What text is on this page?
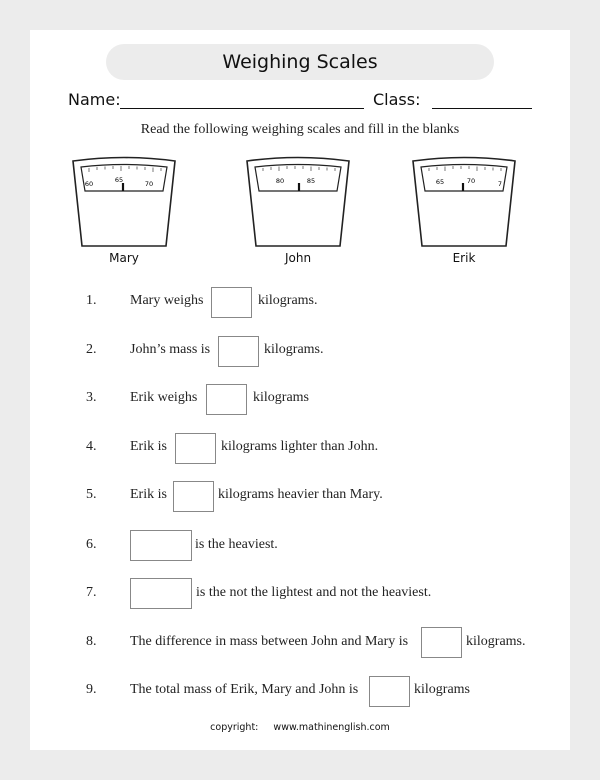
Weighing Scales
Name:	Class:
Read the following weighing scales and fill in the blanks
60	65	70
Mary
80	85
John
65	70	7
Erik
1. Mary weighs	kilograms.
2. John’s mass is	kilograms.
3. Erik weighs	kilograms
4. Erik is	kilograms lighter than John.
5. Erik is	kilograms heavier than Mary.
6.	is the heaviest.
7.	is the not the lightest and not the heaviest.
8. The difference in mass between John and Mary is	kilograms.
9. The total mass of Erik, Mary and John is	kilograms
copyright: www.mathinenglish.com
